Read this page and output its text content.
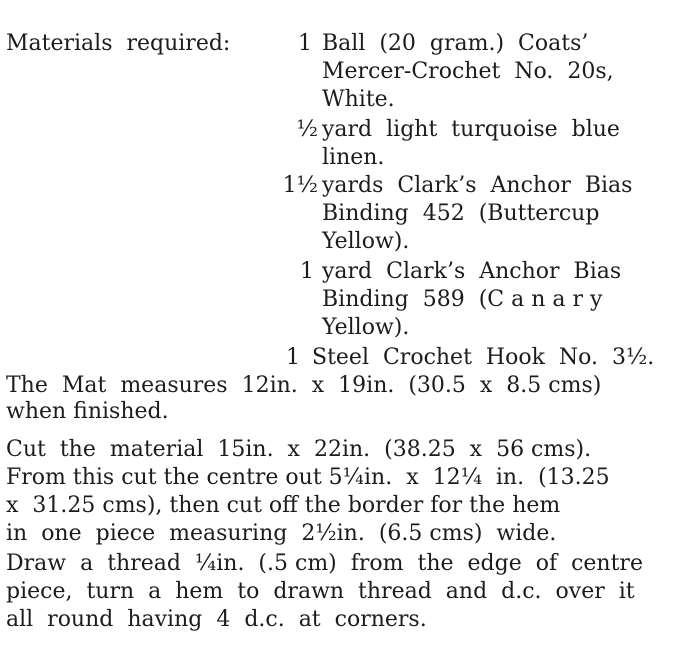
Materials  required:	1 Ball  (20  gram.)  Coats’
Mercer-Crochet  No.  20s,
White.
½ yard  light  turquoise  blue
linen.
1½ yards  Clark’s  Anchor  Bias
Binding  452  (Buttercup
Yellow).
1 yard  Clark’s  Anchor  Bias
Binding  589  (C a n a r y
Yellow).
1 Steel  Crochet  Hook  No.  3½.
The  Mat  measures  12in.  x  19in.  (30.5  x  8.5 cms)
when finished.
Cut  the  material  15in.  x  22in.  (38.25  x  56 cms).
From this cut the centre out 5¼in.  x  12¼  in.  (13.25
x  31.25 cms), then cut off the border for the hem
in  one  piece  measuring  2½in.  (6.5 cms)  wide.
Draw  a  thread  ¼in.  (.5 cm)  from  the  edge  of  centre
piece,  turn  a  hem  to  drawn  thread  and  d.c.  over  it
all  round  having  4  d.c.  at  corners.
